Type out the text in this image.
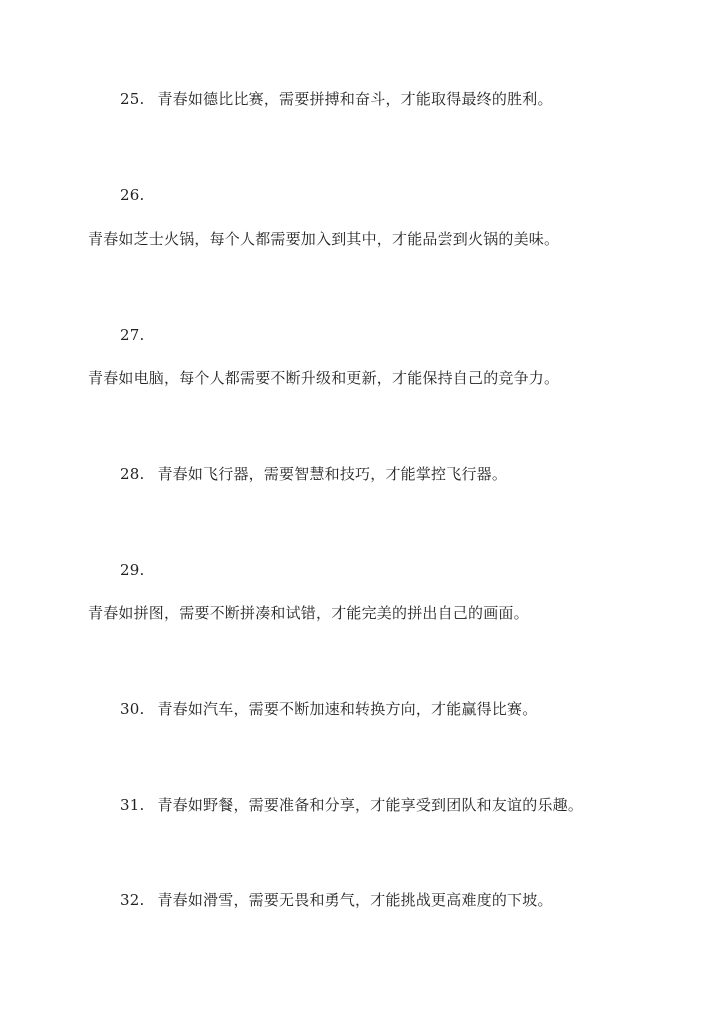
25. 青春如德比比赛，需要拼搏和奋斗，才能取得最终的胜利。
26.
青春如芝士火锅，每个人都需要加入到其中，才能品尝到火锅的美味。
27.
青春如电脑，每个人都需要不断升级和更新，才能保持自己的竞争力。
28. 青春如飞行器，需要智慧和技巧，才能掌控飞行器。
29.
青春如拼图，需要不断拼凑和试错，才能完美的拼出自己的画面。
30. 青春如汽车，需要不断加速和转换方向，才能赢得比赛。
31. 青春如野餐，需要准备和分享，才能享受到团队和友谊的乐趣。
32. 青春如滑雪，需要无畏和勇气，才能挑战更高难度的下坡。
